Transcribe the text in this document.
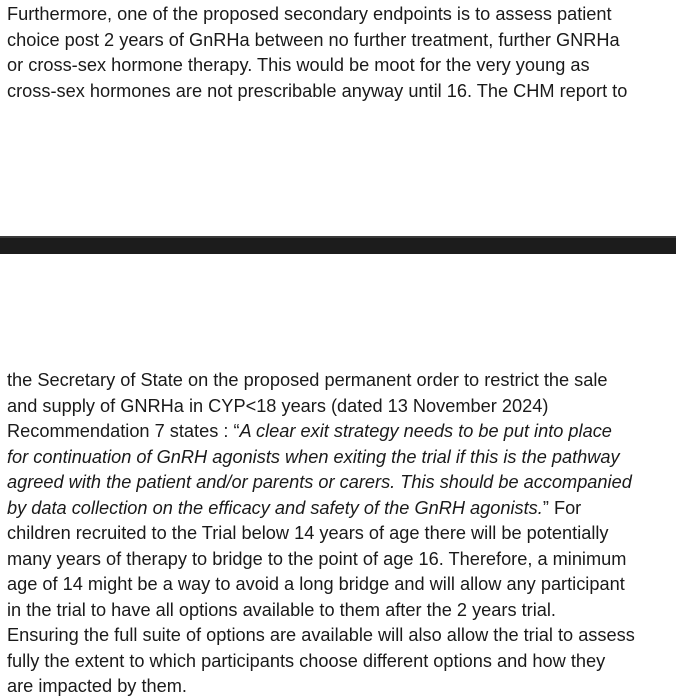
Furthermore, one of the proposed secondary endpoints is to assess patient
choice post 2 years of GnRHa between no further treatment, further GNRHa
or cross-sex hormone therapy. This would be moot for the very young as
cross-sex hormones are not prescribable anyway until 16. The CHM report to
the Secretary of State on the proposed permanent order to restrict the sale
and supply of GNRHa in CYP<18 years (dated 13 November 2024)
Recommendation 7 states : “A clear exit strategy needs to be put into place
for continuation of GnRH agonists when exiting the trial if this is the pathway
agreed with the patient and/or parents or carers. This should be accompanied
by data collection on the efficacy and safety of the GnRH agonists.” For
children recruited to the Trial below 14 years of age there will be potentially
many years of therapy to bridge to the point of age 16. Therefore, a minimum
age of 14 might be a way to avoid a long bridge and will allow any participant
in the trial to have all options available to them after the 2 years trial.
Ensuring the full suite of options are available will also allow the trial to assess
fully the extent to which participants choose different options and how they
are impacted by them.
